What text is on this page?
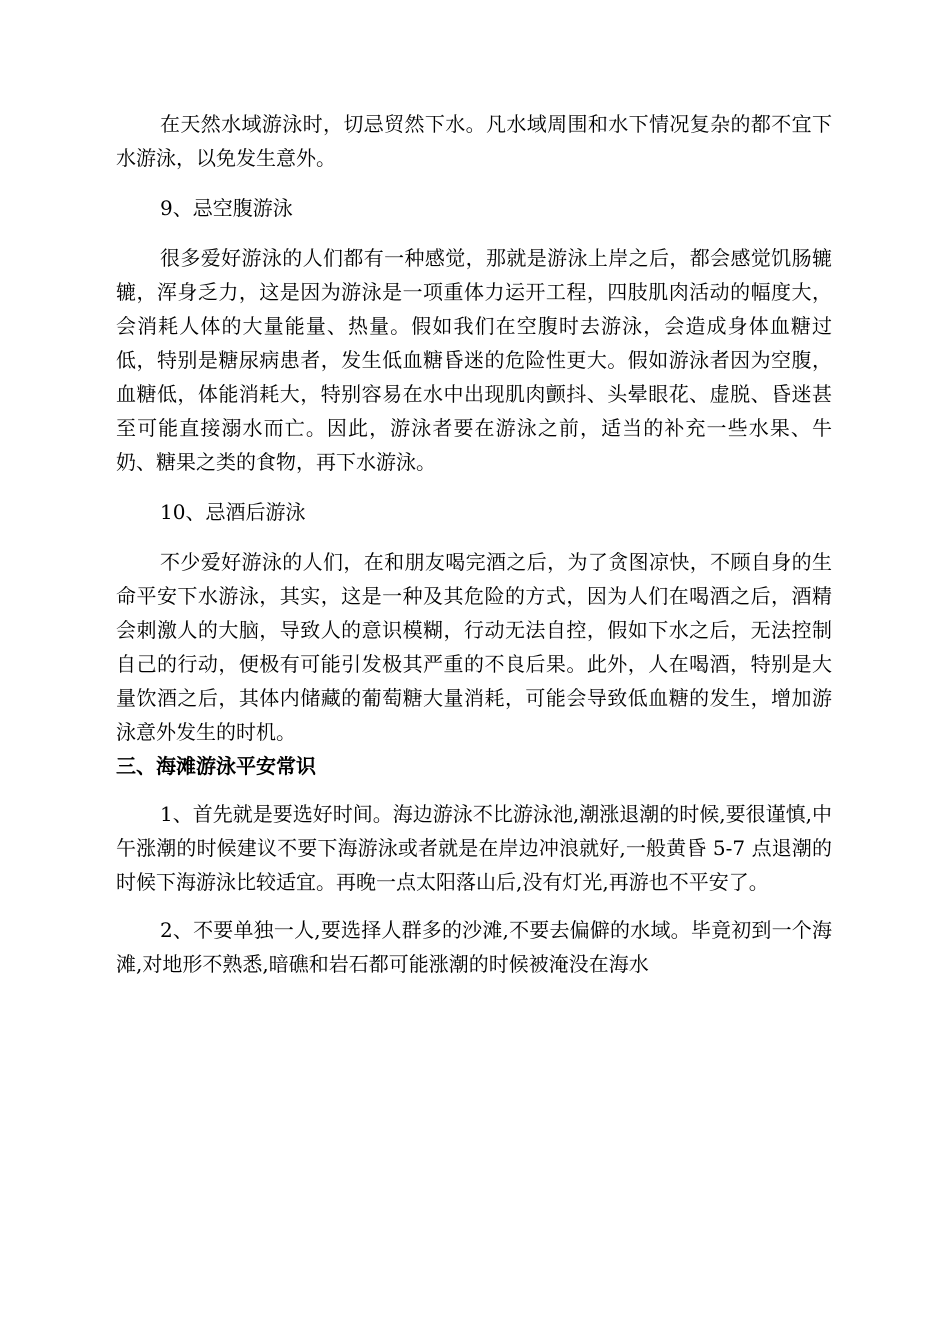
在天然水域游泳时，切忌贸然下水。凡水域周围和水下情况复杂的都不宜下水游泳，以免发生意外。

9、忌空腹游泳

很多爱好游泳的人们都有一种感觉，那就是游泳上岸之后，都会感觉饥肠辘辘，浑身乏力，这是因为游泳是一项重体力运开工程，四肢肌肉活动的幅度大，会消耗人体的大量能量、热量。假如我们在空腹时去游泳，会造成身体血糖过低，特别是糖尿病患者，发生低血糖昏迷的危险性更大。假如游泳者因为空腹，血糖低，体能消耗大，特别容易在水中出现肌肉颤抖、头晕眼花、虚脱、昏迷甚至可能直接溺水而亡。因此，游泳者要在游泳之前，适当的补充一些水果、牛奶、糖果之类的食物，再下水游泳。

10、忌酒后游泳

不少爱好游泳的人们，在和朋友喝完酒之后，为了贪图凉快，不顾自身的生命平安下水游泳，其实，这是一种及其危险的方式，因为人们在喝酒之后，酒精会刺激人的大脑，导致人的意识模糊，行动无法自控，假如下水之后，无法控制自己的行动，便极有可能引发极其严重的不良后果。此外，人在喝酒，特别是大量饮酒之后，其体内储藏的葡萄糖大量消耗，可能会导致低血糖的发生，增加游泳意外发生的时机。

三、海滩游泳平安常识

1、首先就是要选好时间。海边游泳不比游泳池,潮涨退潮的时候,要很谨慎,中午涨潮的时候建议不要下海游泳或者就是在岸边冲浪就好,一般黄昏 5-7 点退潮的时候下海游泳比较适宜。再晚一点太阳落山后,没有灯光,再游也不平安了。

2、不要单独一人,要选择人群多的沙滩,不要去偏僻的水域。毕竟初到一个海滩,对地形不熟悉,暗礁和岩石都可能涨潮的时候被淹没在海水
